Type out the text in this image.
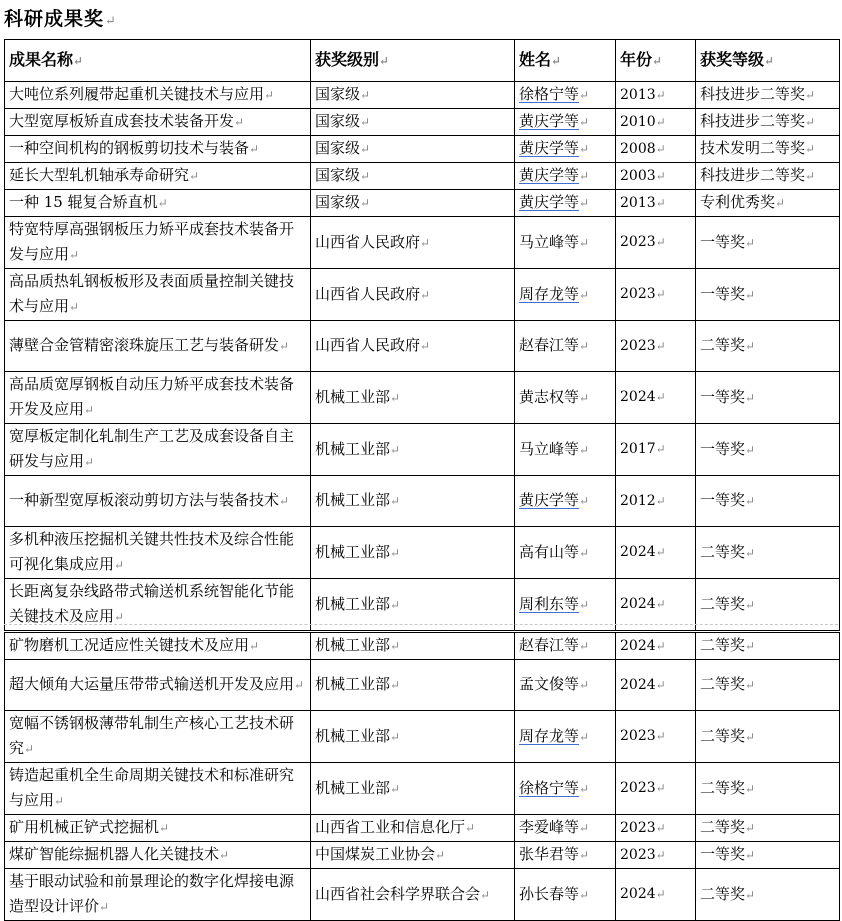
科研成果奖↵
成果名称↵	获奖级别↵	姓名↵	年份↵	获奖等级↵
大吨位系列履带起重机关键技术与应用↵	国家级↵	徐格宁等↵	2013↵	科技进步二等奖↵
大型宽厚板矫直成套技术装备开发↵	国家级↵	黄庆学等↵	2010↵	科技进步二等奖↵
一种空间机构的钢板剪切技术与装备↵	国家级↵	黄庆学等↵	2008↵	技术发明二等奖↵
延长大型轧机轴承寿命研究↵	国家级↵	黄庆学等↵	2003↵	科技进步二等奖↵
一种 15 辊复合矫直机↵	国家级↵	黄庆学等↵	2013↵	专利优秀奖↵
特宽特厚高强钢板压力矫平成套技术装备开发与应用↵	山西省人民政府↵	马立峰等↵	2023↵	一等奖↵
高品质热轧钢板板形及表面质量控制关键技术与应用↵	山西省人民政府↵	周存龙等↵	2023↵	一等奖↵
薄壁合金管精密滚珠旋压工艺与装备研发↵	山西省人民政府↵	赵春江等↵	2023↵	二等奖↵
高品质宽厚钢板自动压力矫平成套技术装备开发及应用↵	机械工业部↵	黄志权等↵	2024↵	一等奖↵
宽厚板定制化轧制生产工艺及成套设备自主研发与应用↵	机械工业部↵	马立峰等↵	2017↵	一等奖↵
一种新型宽厚板滚动剪切方法与装备技术↵	机械工业部↵	黄庆学等↵	2012↵	一等奖↵
多机种液压挖掘机关键共性技术及综合性能可视化集成应用↵	机械工业部↵	高有山等↵	2024↵	二等奖↵
长距离复杂线路带式输送机系统智能化节能关键技术及应用↵	机械工业部↵	周利东等↵	2024↵	二等奖↵
矿物磨机工况适应性关键技术及应用↵	机械工业部↵	赵春江等↵	2024↵	二等奖↵
超大倾角大运量压带带式输送机开发及应用↵	机械工业部↵	孟文俊等↵	2024↵	二等奖↵
宽幅不锈钢极薄带轧制生产核心工艺技术研究↵	机械工业部↵	周存龙等↵	2023↵	二等奖↵
铸造起重机全生命周期关键技术和标准研究与应用↵	机械工业部↵	徐格宁等↵	2023↵	二等奖↵
矿用机械正铲式挖掘机↵	山西省工业和信息化厅↵	李爱峰等↵	2023↵	二等奖↵
煤矿智能综掘机器人化关键技术↵	中国煤炭工业协会↵	张华君等↵	2023↵	一等奖↵
基于眼动试验和前景理论的数字化焊接电源造型设计评价↵	山西省社会科学界联合会↵	孙长春等↵	2024↵	二等奖↵
